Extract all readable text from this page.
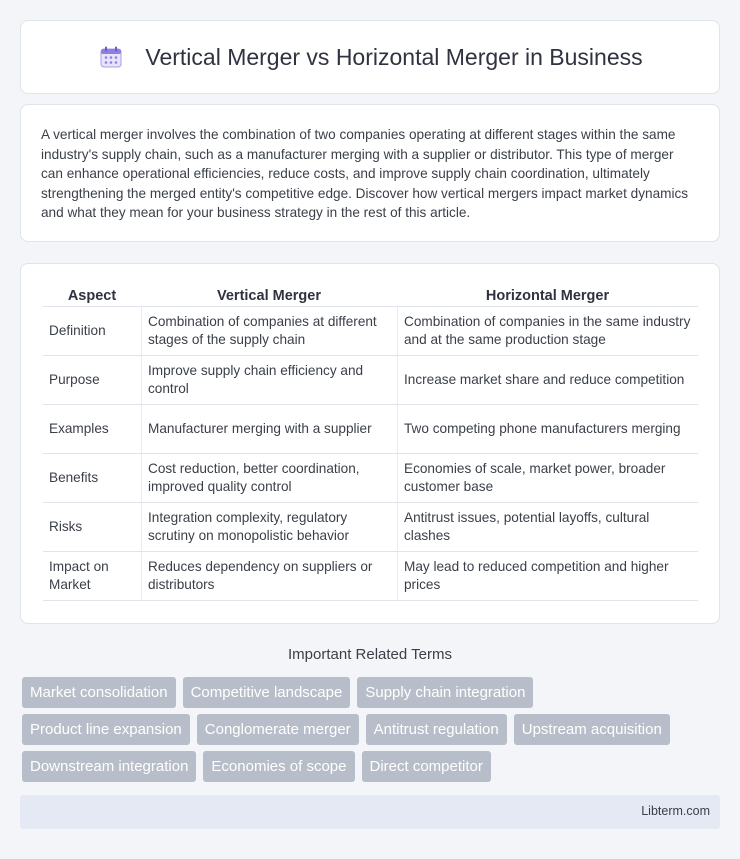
Vertical Merger vs Horizontal Merger in Business

A vertical merger involves the combination of two companies operating at different stages within the same industry's supply chain, such as a manufacturer merging with a supplier or distributor. This type of merger can enhance operational efficiencies, reduce costs, and improve supply chain coordination, ultimately strengthening the merged entity's competitive edge. Discover how vertical mergers impact market dynamics and what they mean for your business strategy in the rest of this article.

Aspect	Vertical Merger	Horizontal Merger
Definition	Combination of companies at different stages of the supply chain	Combination of companies in the same industry and at the same production stage
Purpose	Improve supply chain efficiency and control	Increase market share and reduce competition
Examples	Manufacturer merging with a supplier	Two competing phone manufacturers merging
Benefits	Cost reduction, better coordination, improved quality control	Economies of scale, market power, broader customer base
Risks	Integration complexity, regulatory scrutiny on monopolistic behavior	Antitrust issues, potential layoffs, cultural clashes
Impact on Market	Reduces dependency on suppliers or distributors	May lead to reduced competition and higher prices
Important Related Terms
Market consolidation	Competitive landscape	Supply chain integration
Product line expansion	Conglomerate merger	Antitrust regulation	Upstream acquisition
Downstream integration	Economies of scope	Direct competitor
Libterm.com
